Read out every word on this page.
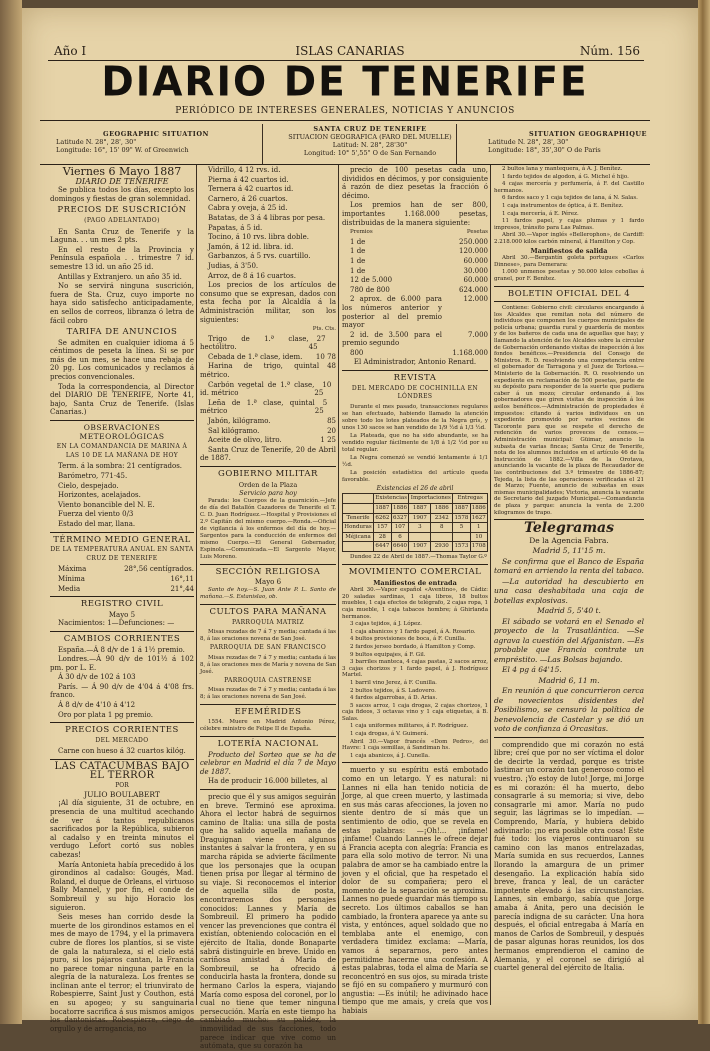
Año I	ISLAS CANARIAS	Núm. 156
DIARIO DE TENERIFE
PERIÓDICO DE INTERESES GENERALES, NOTICIAS Y ANUNCIOS
GEOGRAPHIC SITUATION
Latitude N. 28°, 28', 30"
Longitude: 16°, 15' 09" W. of Greenwich
SANTA CRUZ DE TENERIFE
SITUACION GEOGRAFICA (FARO DEL MUELLE)
Latitud: N. 28°, 28'30"
Longitud: 10° 5',55" O de San Fernando
SITUATION GEOGRAPHIQUE
Latitude N. 28°, 28', 30"
Longitude: 18°, 35',30" O de Paris
Viernes 6 Mayo 1887
DIARIO DE TENERIFE

Se publica todos los días, excepto los domingos y fiestas de gran solemnidad.

PRECIOS DE SUSCRICIÓN
(PAGO ADELANTADO)

En Santa Cruz de Tenerife y la Laguna. . . un mes 2 pts.

En el resto de la Provincia y Península española . . trimestre 7 id. semestre 13 id. un año 25 id.

Antillas y Extranjero. un año 35 id.

No se servirá ninguna suscrición, fuera de Sta. Cruz, cuyo importe no haya sido satisfecho anticipadamente, en sellos de correos, libranza ó letra de fácil cobro

TARIFA DE ANUNCIOS

Se admiten en cualquier idioma á 5 céntimos de peseta la línea. Si se por más de un mes, se hace una rebaja de 20 pg. Los comunicados y reclamos á precios convencionales.

Toda la correspondencia, al Director del DIARIO DE TENERIFE, Norte 41, bajo, Santa Cruz de Tenerife. (Islas Canarias.)

OBSERVACIONES METEOROLÓGICAS
EN LA COMANDANCIA DE MARINA Á LAS 10 DE LA MAÑANA DE HOY

Term. á la sombra: 21 centígrados.

Barómetro, 771·45.

Cielo, despejado.

Horizontes, acelajados.

Viento bonancible del N. E.

Fuerza del viento 0/3

Estado del mar, llana.

TÉRMINO MEDIO GENERAL
DE LA TEMPERATURA ANUAL EN SANTA CRUZ DE TENERIFE

Máxima	28°,56 centígrados.

Mínima	16°,11

Media	21°,44

REGISTRO CIVIL
Mayo 5

Nacimientos: 1—Defunciones: —

CAMBIOS CORRIENTES

España.—Á 8 d/v de 1 á 1½ premio.

Londres.—Á 90 d/v de 101½ á 102 pm. por L. E.

Á 30 d/v de 102 á 103

París. — Á 90 d/v de 4'04 á 4'08 frs. franco.

Á 8 d/v de 4'10 á 4'12

Oro por plata 1 pg premio.

PRECIOS CORRIENTES
DEL MERCADO

Carne con hueso á 32 cuartos kilóg.

LAS CATACUMBAS BAJO EL TERROR
POR
JULIO BOULABERT

¡Al día siguiente, 31 de octubre, en presencia de una multitud acechando de ver á tantos republicanos sacrificados por la República, subieron al cadalso y en treinta minutos el verdugo Lefort cortó sus nobles cabezas!

María Antonieta había precedido á los girondinos al cadalso: Gougés, Mad. Roland, el duque de Orleans, el virtuoso Bally Mannel, y por fin, el conde de Sombreuil y su hijo Horacio los siguieron.

Seis meses han corrido desde la muerte de los girondinos estamos en el mes de mayo de 1794, y el la primavera cubre de flores los plantíos, si se viste de gala la naturaleza, si el cielo está puro, si los pájaros cantan, la Francia no parece tomar ninguna parte en la alegría de la naturaleza. Los frentes se inclinan ante el terror; el triunvirato de Robespierre, Saint Just y Couthon, está en su apogeo; y su sanguinaria bocatorre sacrifica á sus mismos amigos los dantonistas. Robespierre, ciego de orgullo y de arrogancia, no

Vidrillo, 4 12 rvs. id.

Pierna á 42 cuartos id.

Ternera á 42 cuartos id.

Carnero, á 26 cuartos.

Cabra y oveja, á 25 id.

Batatas, de 3 á 4 libras por pesa.

Papatas, á 5 id.

Tocino, á 10 rvs. libra doble.

Jamón, á 12 id. libra. id.

Garbanzos, á 5 rvs. cuartillo.

Judias, á 3'50.

Arroz, de 8 á 16 cuartos.

Los precios de los artículos de consumo que se expresan, dados con esta fecha por la Alcaldía á la Administración militar, son los siguientes:

Pts. Cts.

Trigo de 1.ª clase, hectólitro.
27 45

Cebada de 1.ª clase, idem.	10 78

Harina de trigo, quintal métrico.
48

Carbón vegetal de 1.ª clase, id. métrico
10 25

Leña de 1.ª clase, quintal métrico
5 25

Jabón, kilógramo.	85

Sal kilógramo.	20

Aceite de olivo, litro.	1 25

Santa Cruz de Tenerife, 20 de Abril de 1887.

GOBIERNO MILITAR
Orden de la Plaza
Servicio para hoy

Parada: los Cuerpos de la guarnición.—Jefe de día del Batallón Cazadores de Tenerife el T. C. D. Juan Rodríguez.—Hospital y Provisiones el 2.º Capitán del mismo cuerpo.—Ronda.—Oficial de vigilancia á los enfermos del día de hoy.—Sargentos para la conducción de enfermos del mismo Cuerpo.—El General Gobernador, Espinola.—Comunicada.—El Sargento Mayor, Luis Moreno.

SECCIÓN RELIGIOSA
Mayo 6

Santo de hoy.—S. Juan Ante P. L. Santo de mañana.—S. Estanislao, ob.

CULTOS PARA MAÑANA
PARROQUIA MATRIZ

Misas rezadas de 7 á 7 y media; cantada á las 8, á las oraciones novena de San José.

PARROQUIA DE SAN FRANCISCO

Misas rezadas de 7 á 7 y media; cantada á las 8, á las oraciones mes de María y novena de San José.

PARROQUIA CASTRENSE

Misas rezadas de 7 á 7 y media; cantada á las 8; á las oraciones novena de San José.

EFEMÉRIDES

1554. Muere en Madrid Antonio Pérez, célebre ministro de Felipe II de España.

LOTERÍA NACIONAL

Producto del Sorteo que se ha de celebrar en Madrid el día 7 de Mayo de 1887.

Ha de producir 16.000 billetes, al

precio que él y sus amigos seguirán en breve. Terminó ese aproxima. Ahora el lector habrá de seguirnos camino de Italia: una silla de posta que ha salido aquella mañana de Draguignan viene en algunos instantes á salvar la frontera, y en su marcha rápida se advierte fácilmente que los personajes que la ocupan tienen prisa por llegar al término de su viaje. Si reconocemos el interior de aquella silla de posta, encontraremos dos personajes conocidos: Lannes y María de Sombreuil. El primero ha podido vencer las prevenciones que contra él existían, obteniendo colocación en el ejército de Italia, donde Bonaparte sabrá distinguirle en breve. Unido en cariñosa amistad á María de Sombreuil, se ha ofrecido á conducirla hasta la frontera, donde su hermano Carlos la espera, viajando María como esposa del coronel, por lo cual no tiene que temer ninguna persecución. María en este tiempo ha cambiado mucho: su palidez, la inmovilidad de sus facciones, todo parece indicar que vive como un autómata, que su corazón ha

precio de 100 pesetas cada uno, divididos en décimos, y por consiguiente á razón de diez pesetas la fracción ó décimo.

Los premios han de ser 800, importantes 1.168.000 pesetas, distribuidas de la manera siguiente:

Premios	Pesetas

1 de	250.000

1 de	120.000

1 de	60.000

1 de	30.000

12 de 5.000	60.000

780 de 800	624.000

2 aprox. de 6.000 para los números anterior y posterior al del premio mayor
12.000

2 id. de 3.500 para el premio segundo
7.000

800	1.168.000

El Administrador, Antonio Renard.

REVISTA
DEL MERCADO DE COCHINILLA EN LÓNDRES

Durante el mes pasado, transacciones regulares se han efectuado, habiendo llamado la atención sobre todo los lotes plateados de la Negra grís, y unos 130 sacos se han vendido de 1/9 ½d á 1/3 ½d.

La Plateada, que no ha sido abundante, se ha vendido regular fácilmente de 1/8 á 1/2 ½d por su total regular.

La Negra comenzó se vendió lentamente á 1/1 ½d.

La posición estadística del artículo queda favorable.

Existencias el 26 de abril
	Existencias		Importaciones		Entregas	
	1887	1886	1887	1886	1887	1886
Tenerife	6262	6327	1907	2342	1578	1627
Honduras	157	107	3	8	5	1
Méjicana	28	6				10
	6447	6640	1907	2930	1573	1708

Dundee 22 de Abril de 1887.—Thomas Taylor G.º

MOVIMIENTO COMERCIAL
Manifiestos de entrada

Abril 30.—Vapor español «Aventino», de Cádiz: 20 saladas sardinas, 1 caja libros, 18 bultos muebles, 1 caja efectos de telégrafo, 2 cajas ropa, 1 caja mueble, 1 caja tabacos hombre; á Ghirlanda hermanos.

3 cajas tejidos, á J. López.

1 caja abanicos y 1 fardo papel, á A. Rosario.

4 bultos provisiones de boca, á F. Cunilla.

2 fardos jerseo bordado, á Hamilton y Comp.

9 bultos equipajes, á F. Gil.

3 barriles manteca, 4 cajas pastas, 2 sacos arroz, 3 cajas chorizos y 1 fardo papel, á J. Rodríguez Martel.

1 barril vino Jerez, á F. Cunilla.

2 bultos tejidos, á S. Ladovero.

4 fardos algarrobas, á D. Arias.

5 sacos arroz, 1 caja drogas, 2 cajas chorizos, 1 caja fideos, 3 octavas vino y 1 caja etiquetas, á B. Salas.

1 caja uniformes militares, á F. Rodríguez.

1 caja drogas, á V. Guimerá.

Abril 30.—Vapor francés «Dom Pedro», del Havre: 1 caja semillas, á Sandiman hs.

1 caja abanicos, á J. Cunella.

muerto y su espíritu está embotado como en un letargo. Y es natural: ni Lannes ni ella han tenido noticia de Jorge, al que creen muerto, y lastimada en sus más caras afecciones, la joven no siente dentro de sí más que un sentimiento de odio, que se revela en estas palabras: —¡Oh!... ¡infame! ¡infame! Cuando Lannes le ofrece dejar á Francia acepta con alegría: Francia es para ella solo motivo de terror. Ni una palabra de amor se ha cambiado entre la joven y el oficial, que ha respetado el dolor de su compañera; pero el momento de la separación se aproxima. Lannes no puede guardar más tiempo su secreto. Los últimos caballos se han cambiado, la frontera aparece ya ante su vista, y entónces, aquel soldado que no temblaba ante el enemigo, con verdadera timidez exclama: —María, vamos á separarnos, pero antes permitidme hacerme una confesión. A estas palabras, toda el alma de María se reconcentró en sus ojos, su mirada triste se fijó en su compañero y murmuró con angustia: —Es inútil; he adivinado hace tiempo que me amais, y creía que vos habiais

2 bultos lana y mantequera, á A. J. Benítez.

1 fardo tejidos de algodon, á G. Michel é hijo.

4 cajas mercería y perfumería, á F. del Castillo hermanos.

6 fardos saco y 1 caja tejidos de lana, á N. Salas.

1 caja instrumentos de óptica, á E. Benítez.

1 caja mercería, á E. Pérez.

11 fardos papel, y cajas plumas y 1 fardo impresos, tránsito para Las Palmas.

Abril 30.—Vapor inglés «Bellerophon», de Cardiff: 2.218.000 kilos carbón mineral, á Hamilton y Cop.

Manifiestos de salida

Abril 30.—Bergantín goleta portugues «Carlos Dinnese», para Demerara:

1.000 unmenos pesetas y 50.000 kilos cebollas á granel, por F. Benítez.

BOLETIN OFICIAL DEL 4

Contiene: Gobierno civil: circulares encargando á los Alcaldes que remitan nota del número de individuos que componen los cuerpos municipales de policía urbana; guardia rural y guardería de montes y de los bañeros de cada una de aquellas que hay; y llamando la atención de los Alcaldes sobre la circular de Gobernación ordenando visitas de inspección á los fondos benéficos.—Presidencia del Consejo de Ministros. R. D. resolviendo una competencia entre el gobernador de Tarragona y el Juez de Tortosa.—Ministerio de la Gobernación. R. O. resolviendo un expediente en reclamación de 500 pesetas, parte de su depósito para responder de la suerte que pudiera caber á un mozo; circular ordenando á los gobernadores que giren visitas de inspección á los asilos benéficos.—Administración de propiedades é impuestos: citando á varios individuos en un expediente promovido por varios vecinos de Tacoronte para que se respete el derecho de redención de varios proveces de censos.—Administración municipal: Güimar, anuncio la subasta de varias fincas; Santa Cruz de Tenerife, nota de los alumnos incluidos en el artículo 46 de la Instrucción de 1882.—Villa de la Orotava, anunciando la vacante de la plaza de Recaudador de las contribuciones del 3.º trimestre de 1886-87; Tejeda, la lista de las operaciones verificadas el 21 de Marzo; Fuente, anuncio de subastas en esas mismas municipalidades; Victoria, anuncia la vacante de Secretario del juzgado Municipal.—Comandancia de plaza y parque: anuncia la venta de 2.200 kilogramos de trapo.

Telegramas

De la Agencia Fabra.

Madrid 5, 11'15 m.

Se confirma que el Banco de España tomará en arriendo la renta del tabaco.

—La autoridad ha descubierto en una casa deshabitada una caja de botellas explosivas.

Madrid 5, 5'40 t.

El sábado se votará en el Senado el proyecto de la Trasatlántica. —Se agrava la cuestión del Afganistan. —Es probable que Francia contrate un empréstito. —Las Bolsas bajando.

El 4 pg á 64'15.

Madrid 6, 11 m.

En reunión á que concurrieron cerca de novecientos disidentes del Posibilismo, se censuró la política de benevolencia de Castelar y se dió un voto de confianza á Orcasitas.

comprendido que mi corazón no está libre; creí que por no ser víctima el dolor de decirte la verdad, porque es triste lastimar un corazón tan generoso como el vuestro. ¡Yo estoy de luto! Jorge, mi Jorge es mi corazón: él ha muerto, debo consagrarle á su memoria; si vive, debo consagrarle mi amor. María no pudo seguir, las lágrimas se lo impedían. —Comprendo, María, y hubiera debido adivinarlo: ¡no era posible otra cosa! Este fué todo: los viajeros continuaron su camino con las manos entrelazadas, María sumida en sus recuerdos, Lannes llorando la amargura de un primer desengaño. La explicación había sido breve, franca y leal, de un carácter impotente elevado á las circunstancias. Lannes, sin embargo, sabía que Jorge amaba á Anita, pero una decisión le parecía indigna de su carácter. Una hora después, el oficial entregaba á María en manos de Carlos de Sombreuil, y después de pasar algunas horas reunidos, los dos hermanos emprendieron el camino de Alemania, y el coronel se dirigió al cuartel general del ejército de Italia.
